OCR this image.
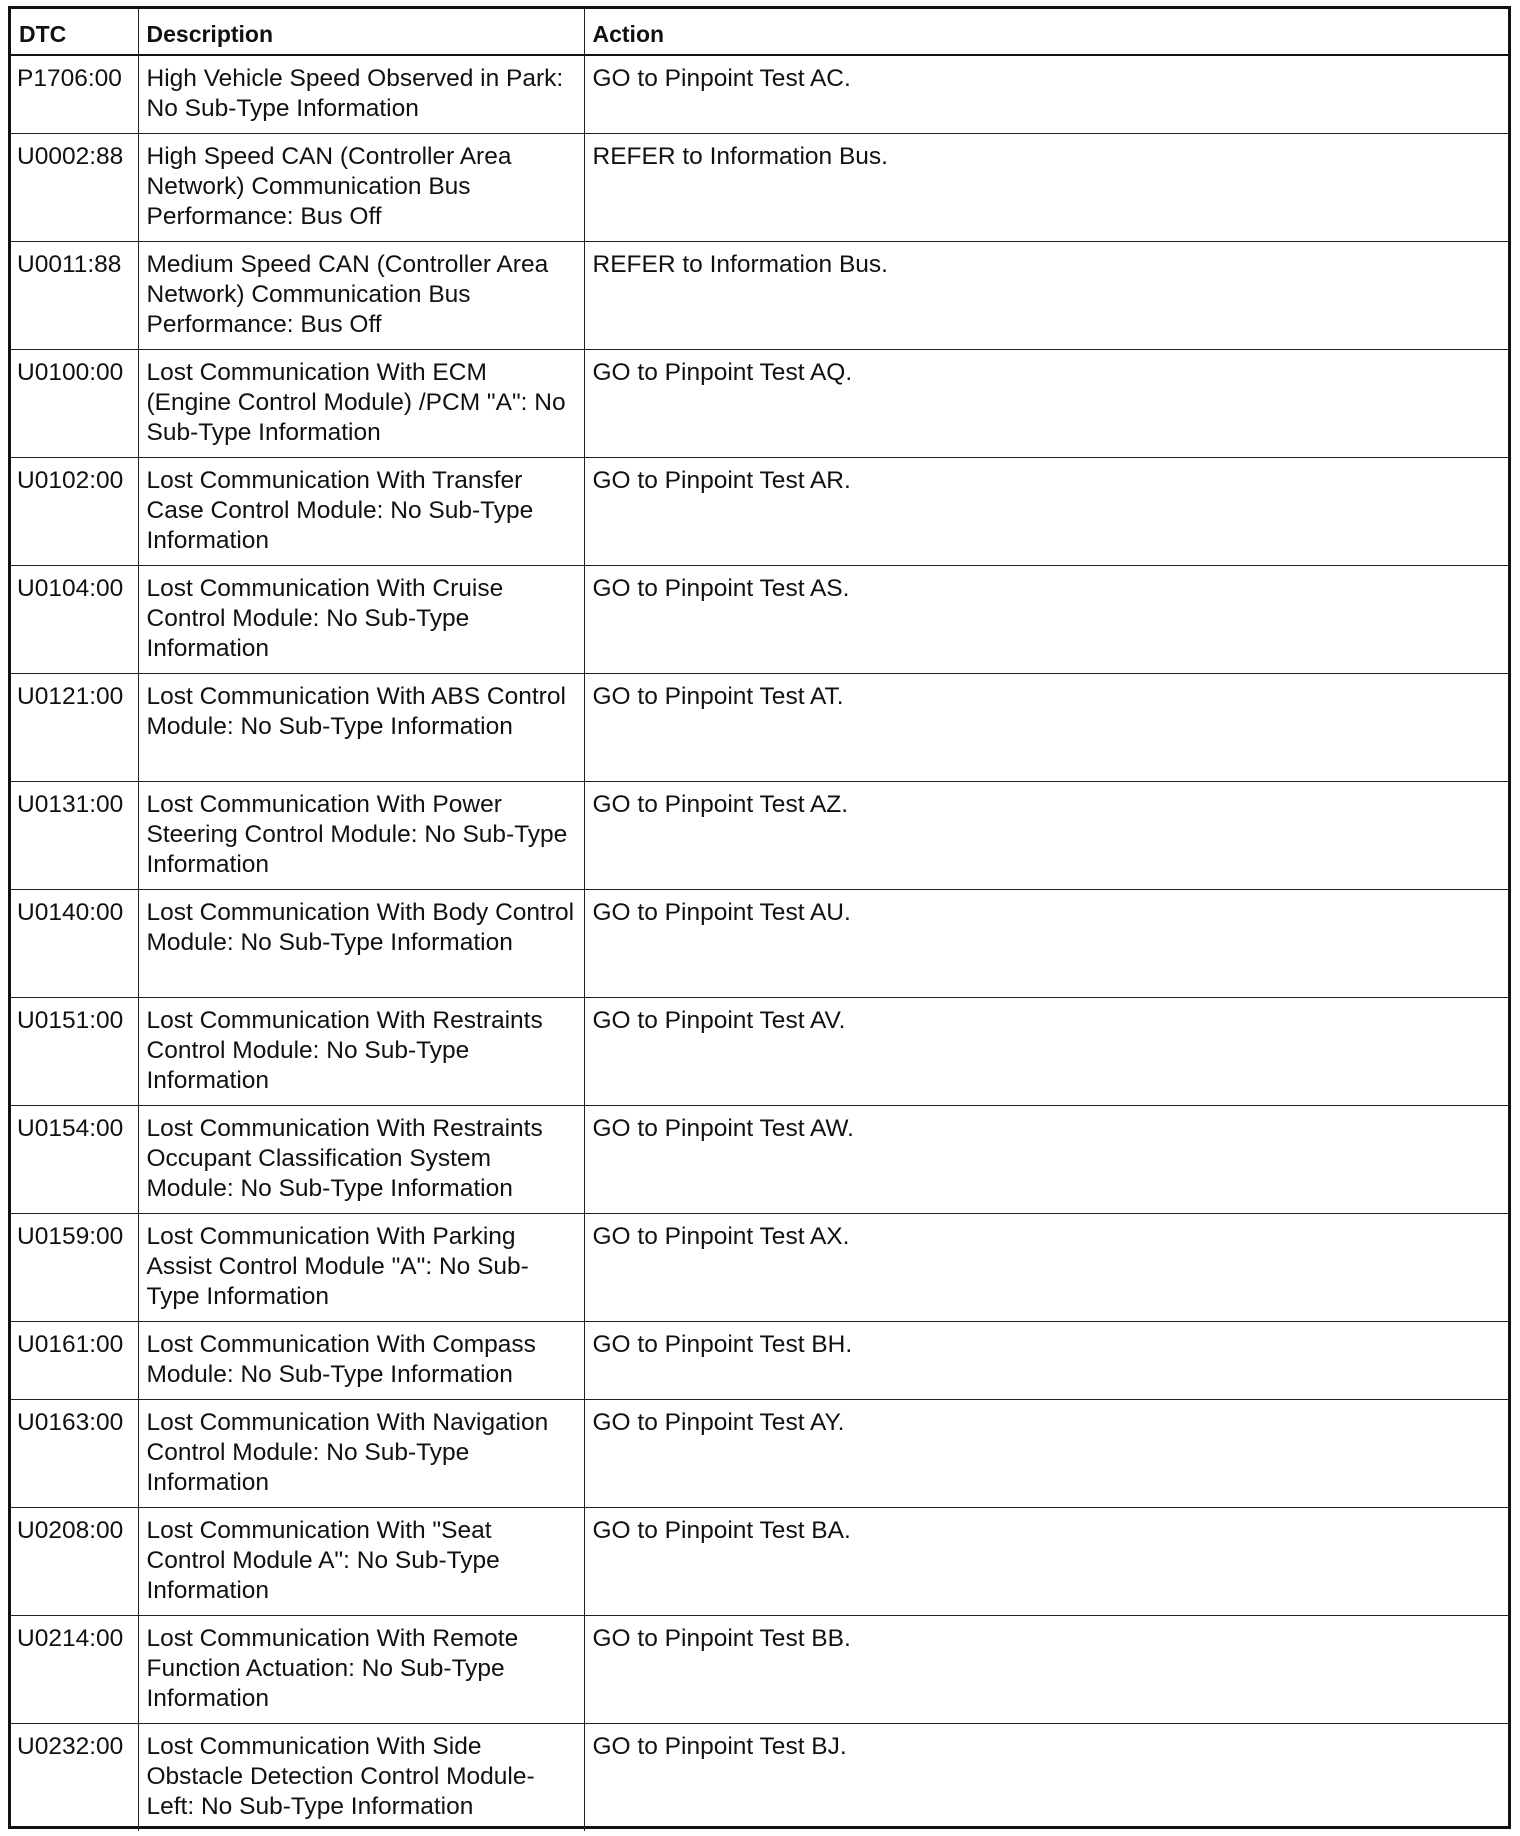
DTC	Description	Action
P1706:00	High Vehicle Speed Observed in Park: No Sub-Type Information	GO to Pinpoint Test AC.
U0002:88	High Speed CAN (Controller Area Network) Communication Bus Performance: Bus Off	REFER to Information Bus.
U0011:88	Medium Speed CAN (Controller Area Network) Communication Bus Performance: Bus Off	REFER to Information Bus.
U0100:00	Lost Communication With ECM (Engine Control Module) /PCM "A": No Sub-Type Information	GO to Pinpoint Test AQ.
U0102:00	Lost Communication With Transfer Case Control Module: No Sub-Type Information	GO to Pinpoint Test AR.
U0104:00	Lost Communication With Cruise Control Module: No Sub-Type Information	GO to Pinpoint Test AS.
U0121:00	Lost Communication With ABS Control Module: No Sub-Type Information	GO to Pinpoint Test AT.
U0131:00	Lost Communication With Power Steering Control Module: No Sub-Type Information	GO to Pinpoint Test AZ.
U0140:00	Lost Communication With Body Control Module: No Sub-Type Information	GO to Pinpoint Test AU.
U0151:00	Lost Communication With Restraints Control Module: No Sub-Type Information	GO to Pinpoint Test AV.
U0154:00	Lost Communication With Restraints Occupant Classification System Module: No Sub-Type Information	GO to Pinpoint Test AW.
U0159:00	Lost Communication With Parking Assist Control Module "A": No Sub-Type Information	GO to Pinpoint Test AX.
U0161:00	Lost Communication With Compass Module: No Sub-Type Information	GO to Pinpoint Test BH.
U0163:00	Lost Communication With Navigation Control Module: No Sub-Type Information	GO to Pinpoint Test AY.
U0208:00	Lost Communication With "Seat Control Module A": No Sub-Type Information	GO to Pinpoint Test BA.
U0214:00	Lost Communication With Remote Function Actuation: No Sub-Type Information	GO to Pinpoint Test BB.
U0232:00	Lost Communication With Side Obstacle Detection Control Module-Left: No Sub-Type Information	GO to Pinpoint Test BJ.
